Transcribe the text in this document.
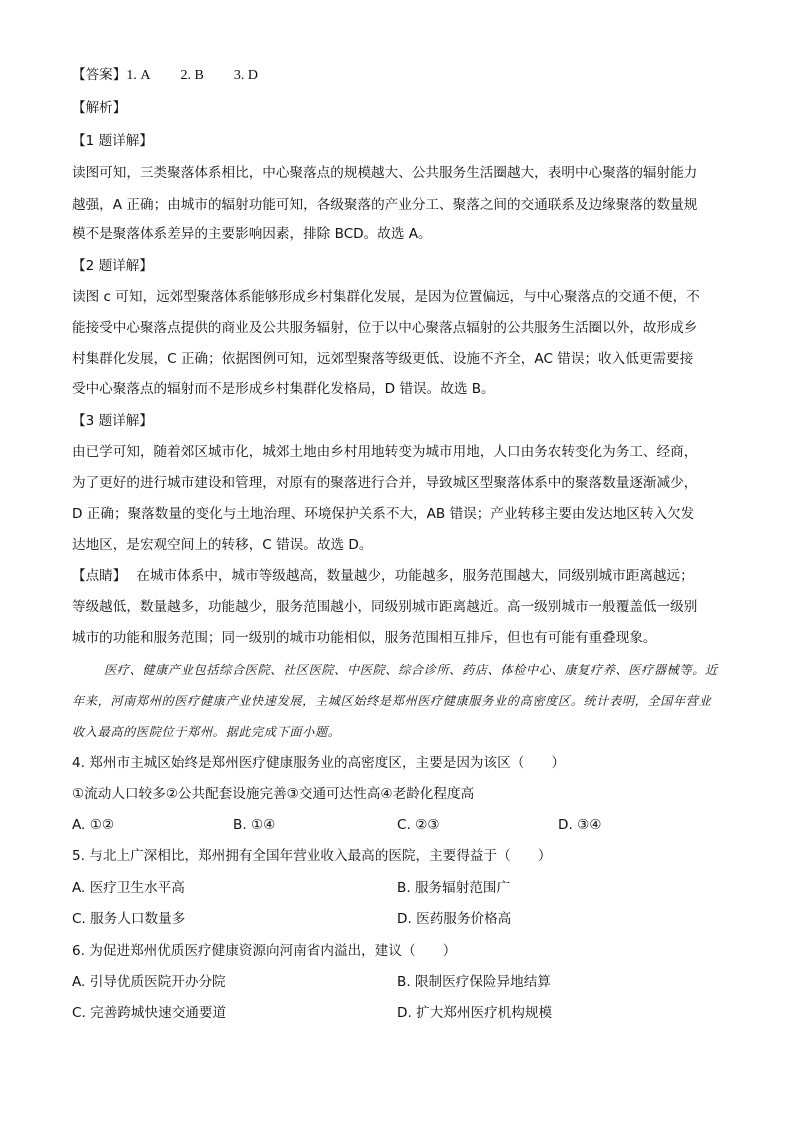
【答案】1. A 2. B 3. D
【解析】
【1 题详解】
读图可知，三类聚落体系相比，中心聚落点的规模越大、公共服务生活圈越大，表明中心聚落的辐射能力
越强，A 正确；由城市的辐射功能可知，各级聚落的产业分工、聚落之间的交通联系及边缘聚落的数量规
模不是聚落体系差异的主要影响因素，排除 BCD。故选 A。
【2 题详解】
读图 c 可知，远郊型聚落体系能够形成乡村集群化发展，是因为位置偏远，与中心聚落点的交通不便，不
能接受中心聚落点提供的商业及公共服务辐射，位于以中心聚落点辐射的公共服务生活圈以外，故形成乡
村集群化发展，C 正确；依据图例可知，远郊型聚落等级更低、设施不齐全，AC 错误；收入低更需要接
受中心聚落点的辐射而不是形成乡村集群化发格局，D 错误。故选 B。
【3 题详解】
由已学可知，随着郊区城市化，城郊土地由乡村用地转变为城市用地，人口由务农转变化为务工、经商，
为了更好的进行城市建设和管理，对原有的聚落进行合并，导致城区型聚落体系中的聚落数量逐渐减少，
D 正确；聚落数量的变化与土地治理、环境保护关系不大，AB 错误；产业转移主要由发达地区转入欠发
达地区，是宏观空间上的转移，C 错误。故选 D。
【点睛】 在城市体系中，城市等级越高，数量越少，功能越多，服务范围越大，同级别城市距离越远；
等级越低，数量越多，功能越少，服务范围越小，同级别城市距离越近。高一级别城市一般覆盖低一级别
城市的功能和服务范围；同一级别的城市功能相似，服务范围相互排斥，但也有可能有重叠现象。
医疗、健康产业包括综合医院、社区医院、中医院、综合诊所、药店、体检中心、康复疗养、医疗器械等。近年来，河南郑州的医疗健康产业快速发展，主城区始终是郑州医疗健康服务业的高密度区。统计表明，全国年营业收入最高的医院位于郑州。据此完成下面小题。
4. 郑州市主城区始终是郑州医疗健康服务业的高密度区，主要是因为该区（　　）
①流动人口较多②公共配套设施完善③交通可达性高④老龄化程度高
A. ①②	B. ①④	C. ②③	D. ③④
5. 与北上广深相比，郑州拥有全国年营业收入最高的医院，主要得益于（　　）
A. 医疗卫生水平高	B. 服务辐射范围广
C. 服务人口数量多	D. 医药服务价格高
6. 为促进郑州优质医疗健康资源向河南省内溢出，建议（　　）
A. 引导优质医院开办分院	B. 限制医疗保险异地结算
C. 完善跨城快速交通要道	D. 扩大郑州医疗机构规模
